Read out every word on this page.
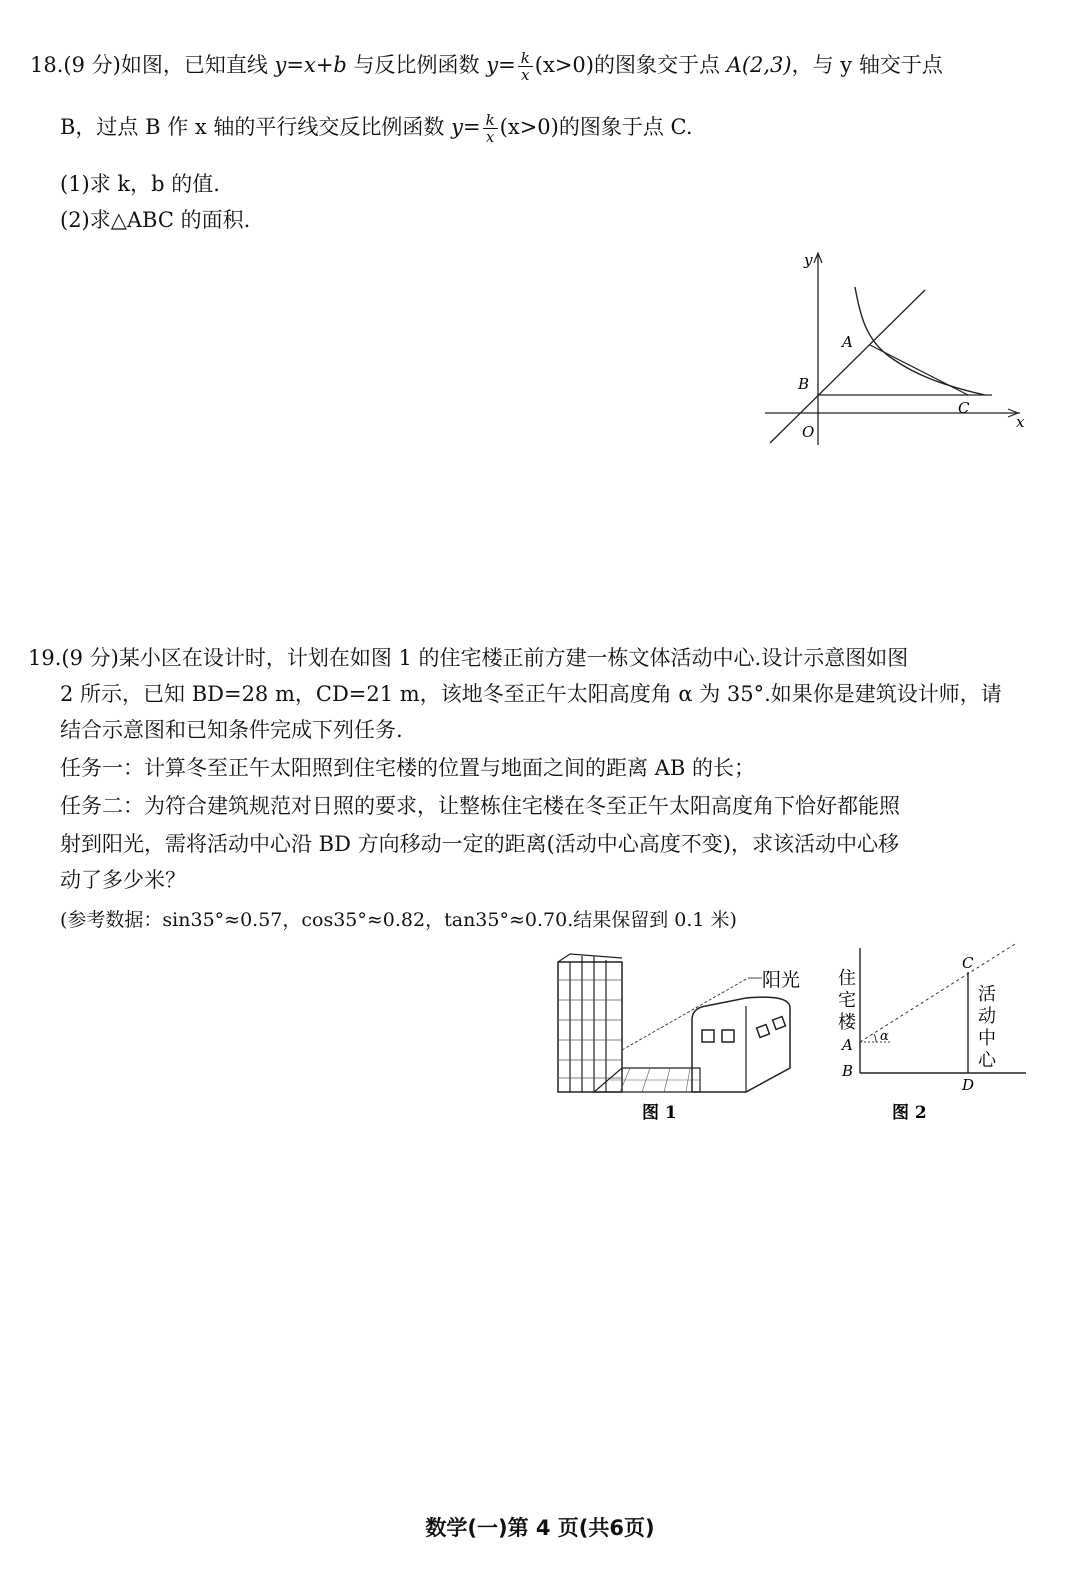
18.(9 分)如图，已知直线 y=x+b 与反比例函数 $y= \frac{k}{x} (x>0)$的图象交于点 A(2,3)，与 y 轴交于点
B，过点 B 作 x 轴的平行线交反比例函数 $y= \frac{k}{x} (x>0)$的图象于点 C.
(1)求 k，b 的值.
(2)求△ABC 的面积.
y
x
A
B
C
O
19.(9 分)某小区在设计时，计划在如图 1 的住宅楼正前方建一栋文体活动中心.设计示意图如图
2 所示，已知 BD=28 m，CD=21 m，该地冬至正午太阳高度角 α 为 35°.如果你是建筑设计师，请
结合示意图和已知条件完成下列任务.
任务一：计算冬至正午太阳照到住宅楼的位置与地面之间的距离 AB 的长；
任务二：为符合建筑规范对日照的要求，让整栋住宅楼在冬至正午太阳高度角下恰好都能照
射到阳光，需将活动中心沿 BD 方向移动一定的距离(活动中心高度不变)，求该活动中心移
动了多少米？
(参考数据：sin35°≈0.57，cos35°≈0.82，tan35°≈0.70.结果保留到 0.1 米)
阳光
图 1
α
住
宅
楼
活
动
中
心
A
B
C
D
图 2
数学(一)第 4 页(共6页)
